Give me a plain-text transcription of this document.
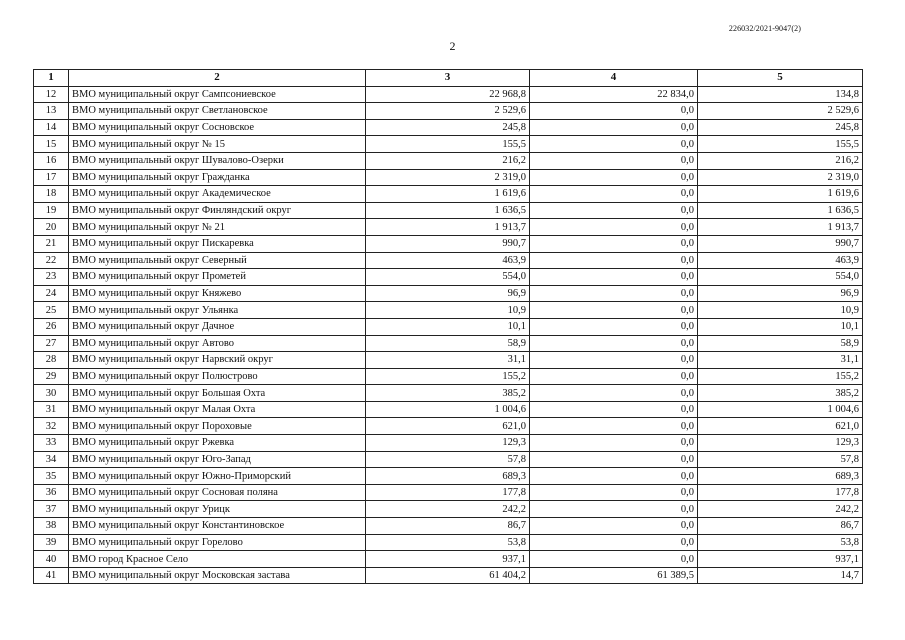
226032/2021-9047(2)
2
1	2	3	4	5
12	ВМО муниципальный округ Сампсониевское	22 968,8	22 834,0	134,8
13	ВМО муниципальный округ Светлановское	2 529,6	0,0	2 529,6
14	ВМО муниципальный округ Сосновское	245,8	0,0	245,8
15	ВМО муниципальный округ № 15	155,5	0,0	155,5
16	ВМО муниципальный округ Шувалово-Озерки	216,2	0,0	216,2
17	ВМО муниципальный округ Гражданка	2 319,0	0,0	2 319,0
18	ВМО муниципальный округ Академическое	1 619,6	0,0	1 619,6
19	ВМО муниципальный округ Финляндский округ	1 636,5	0,0	1 636,5
20	ВМО муниципальный округ № 21	1 913,7	0,0	1 913,7
21	ВМО муниципальный округ Пискаревка	990,7	0,0	990,7
22	ВМО муниципальный округ Северный	463,9	0,0	463,9
23	ВМО муниципальный округ Прометей	554,0	0,0	554,0
24	ВМО муниципальный округ Княжево	96,9	0,0	96,9
25	ВМО муниципальный округ Ульянка	10,9	0,0	10,9
26	ВМО муниципальный округ Дачное	10,1	0,0	10,1
27	ВМО муниципальный округ Автово	58,9	0,0	58,9
28	ВМО муниципальный округ Нарвский округ	31,1	0,0	31,1
29	ВМО муниципальный округ Полюстрово	155,2	0,0	155,2
30	ВМО муниципальный округ Большая Охта	385,2	0,0	385,2
31	ВМО муниципальный округ Малая Охта	1 004,6	0,0	1 004,6
32	ВМО муниципальный округ Пороховые	621,0	0,0	621,0
33	ВМО муниципальный округ Ржевка	129,3	0,0	129,3
34	ВМО муниципальный округ Юго-Запад	57,8	0,0	57,8
35	ВМО муниципальный округ Южно-Приморский	689,3	0,0	689,3
36	ВМО муниципальный округ Сосновая поляна	177,8	0,0	177,8
37	ВМО муниципальный округ Урицк	242,2	0,0	242,2
38	ВМО муниципальный округ Константиновское	86,7	0,0	86,7
39	ВМО муниципальный округ Горелово	53,8	0,0	53,8
40	ВМО город Красное Село	937,1	0,0	937,1
41	ВМО муниципальный округ Московская застава	61 404,2	61 389,5	14,7
